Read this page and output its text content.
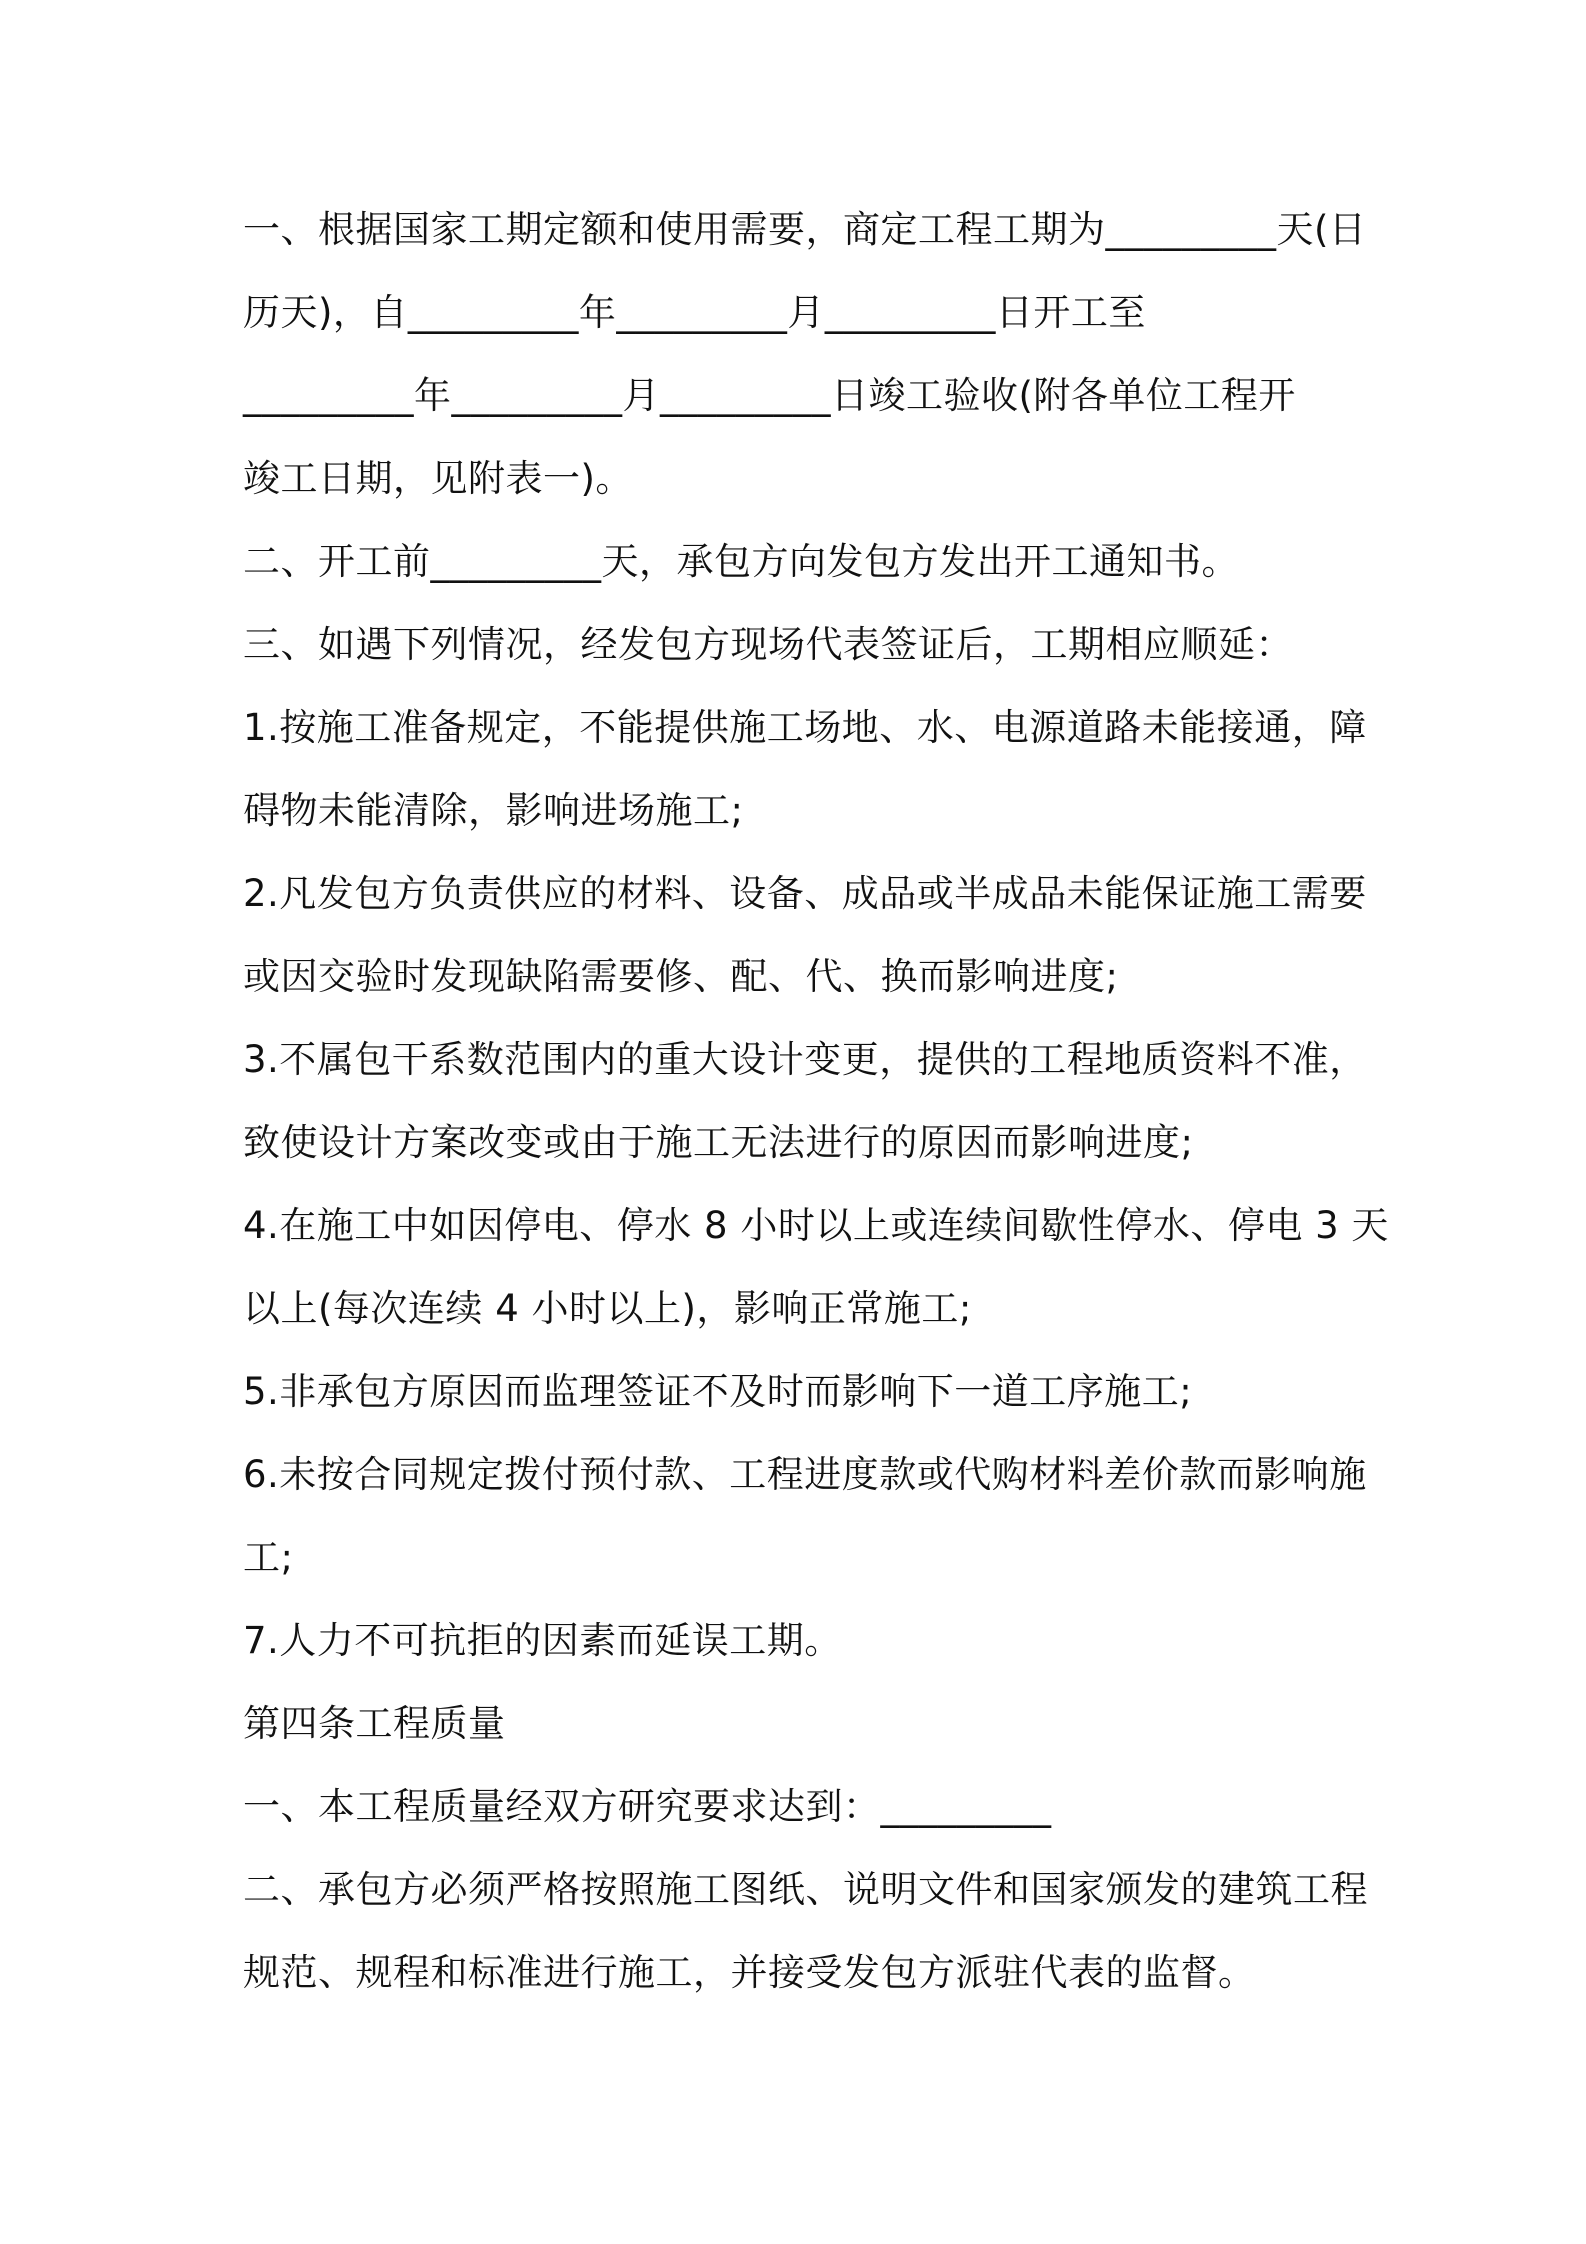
一、根据国家工期定额和使用需要，商定工程工期为_________天(日

历天)，自_________年_________月_________日开工至

_________年_________月_________日竣工验收(附各单位工程开

竣工日期，见附表一)。

二、开工前_________天，承包方向发包方发出开工通知书。

三、如遇下列情况，经发包方现场代表签证后，工期相应顺延：

1.按施工准备规定，不能提供施工场地、水、电源道路未能接通，障

碍物未能清除，影响进场施工;

2.凡发包方负责供应的材料、设备、成品或半成品未能保证施工需要

或因交验时发现缺陷需要修、配、代、换而影响进度;

3.不属包干系数范围内的重大设计变更，提供的工程地质资料不准，

致使设计方案改变或由于施工无法进行的原因而影响进度;

4.在施工中如因停电、停水 8 小时以上或连续间歇性停水、停电 3 天

以上(每次连续 4 小时以上)，影响正常施工;

5.非承包方原因而监理签证不及时而影响下一道工序施工;

6.未按合同规定拨付预付款、工程进度款或代购材料差价款而影响施

工;

7.人力不可抗拒的因素而延误工期。

第四条工程质量

一、本工程质量经双方研究要求达到：_________

二、承包方必须严格按照施工图纸、说明文件和国家颁发的建筑工程

规范、规程和标准进行施工，并接受发包方派驻代表的监督。
